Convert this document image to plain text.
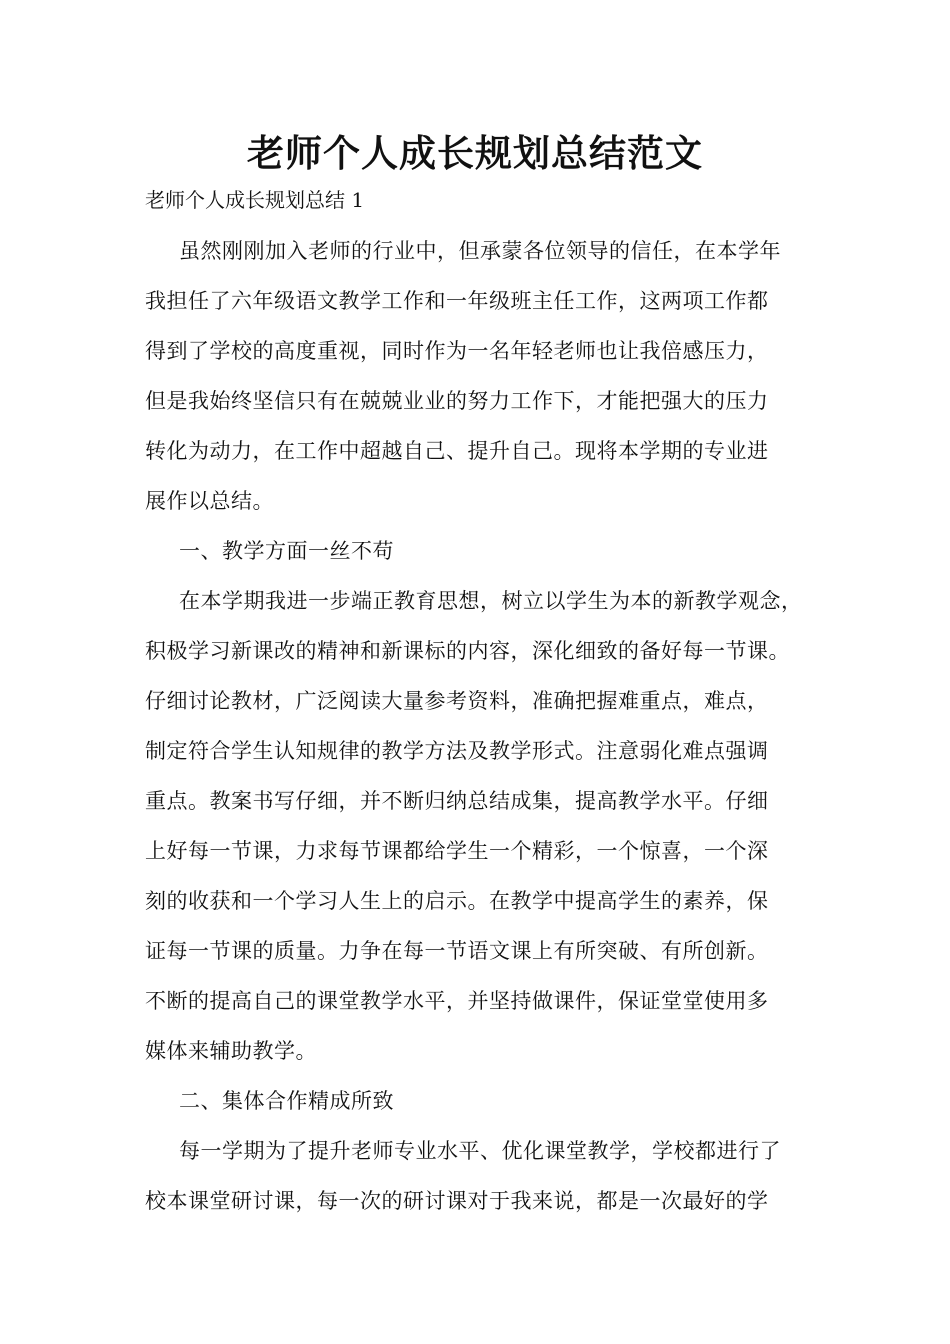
老师个人成长规划总结范文

老师个人成长规划总结 1

虽然刚刚加入老师的行业中，但承蒙各位领导的信任，在本学年
我担任了六年级语文教学工作和一年级班主任工作，这两项工作都
得到了学校的高度重视，同时作为一名年轻老师也让我倍感压力，
但是我始终坚信只有在兢兢业业的努力工作下，才能把强大的压力
转化为动力，在工作中超越自己、提升自己。现将本学期的专业进
展作以总结。
一、教学方面一丝不苟
在本学期我进一步端正教育思想，树立以学生为本的新教学观念，
积极学习新课改的精神和新课标的内容，深化细致的备好每一节课。
仔细讨论教材，广泛阅读大量参考资料，准确把握难重点，难点，
制定符合学生认知规律的教学方法及教学形式。注意弱化难点强调
重点。教案书写仔细，并不断归纳总结成集，提高教学水平。仔细
上好每一节课，力求每节课都给学生一个精彩，一个惊喜，一个深
刻的收获和一个学习人生上的启示。在教学中提高学生的素养，保
证每一节课的质量。力争在每一节语文课上有所突破、有所创新。
不断的提高自己的课堂教学水平，并坚持做课件，保证堂堂使用多
媒体来辅助教学。
二、集体合作精成所致
每一学期为了提升老师专业水平、优化课堂教学，学校都进行了
校本课堂研讨课，每一次的研讨课对于我来说，都是一次最好的学
